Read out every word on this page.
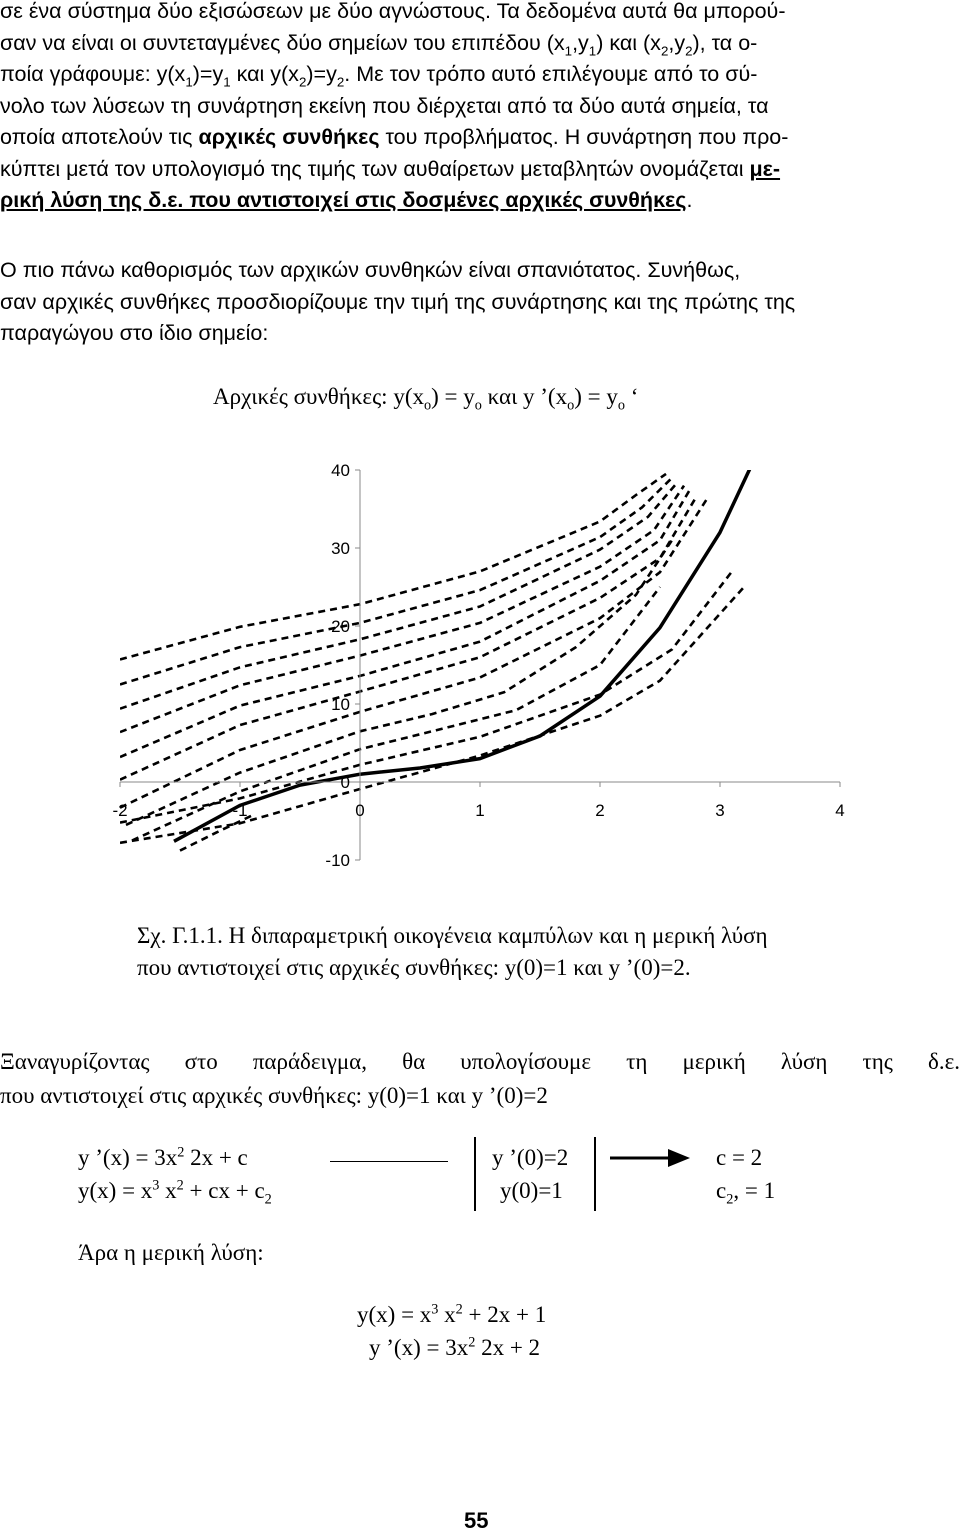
σε ένα σύστημα δύο εξισώσεων με δύο αγνώστους. Τα δεδομένα αυτά θα μπορού-
σαν να είναι οι συντεταγμένες δύο σημείων του επιπέδου $(x_1,y_1)$ και $(x_2,y_2)$, τα ο-
ποία γράφουμε: $y(x_1)=y_1$ και $y(x_2)=y_2$. Με τον τρόπο αυτό επιλέγουμε από το σύ-
νολο των λύσεων τη συνάρτηση εκείνη που διέρχεται από τα δύο αυτά σημεία, τα
οποία αποτελούν τις αρχικές συνθήκες του προβλήματος. Η συνάρτηση που προ-
κύπτει μετά τον υπολογισμό της τιμής των αυθαίρετων μεταβλητών ονομάζεται με-
ρική λύση της δ.ε. που αντιστοιχεί στις δοσμένες αρχικές συνθήκες.
Ο πιο πάνω καθορισμός των αρχικών συνθηκών είναι σπανιότατος. Συνήθως,
σαν αρχικές συνθήκες προσδιορίζουμε την τιμή της συνάρτησης και της πρώτης της
παραγώγου στο ίδιο σημείο:
Αρχικές συνθήκες: $y(x_o) = y_o$ και y $’(x_o) = y_o$ ‘
-2	-1	0	1	2	3	4
40
30
20
10
0
-10
Σχ. Γ.1.1. Η διπαραμετρική οικογένεια καμπύλων και η μερική λύση
που αντιστοιχεί στις αρχικές συνθήκες: y(0)=1 και y ’(0)=2.
Ξαναγυρίζοντας στο παράδειγμα, θα υπολογίσουμε τη μερική λύση της δ.ε.
που αντιστοιχεί στις αρχικές συνθήκες: y(0)=1 και y ’(0)=2
y ’(x) = $3x^2$ 2x + c
$y(x) = x^3$ $x^2$ + cx + $c_2$
y ’(0)=2
y(0)=1
c = 2
$c_2$, = 1
Άρα η μερική λύση:
$y(x) = x^3$ $x^2 + 2x + 1$
y ’(x) = $3x^2$ 2x + 2
55
